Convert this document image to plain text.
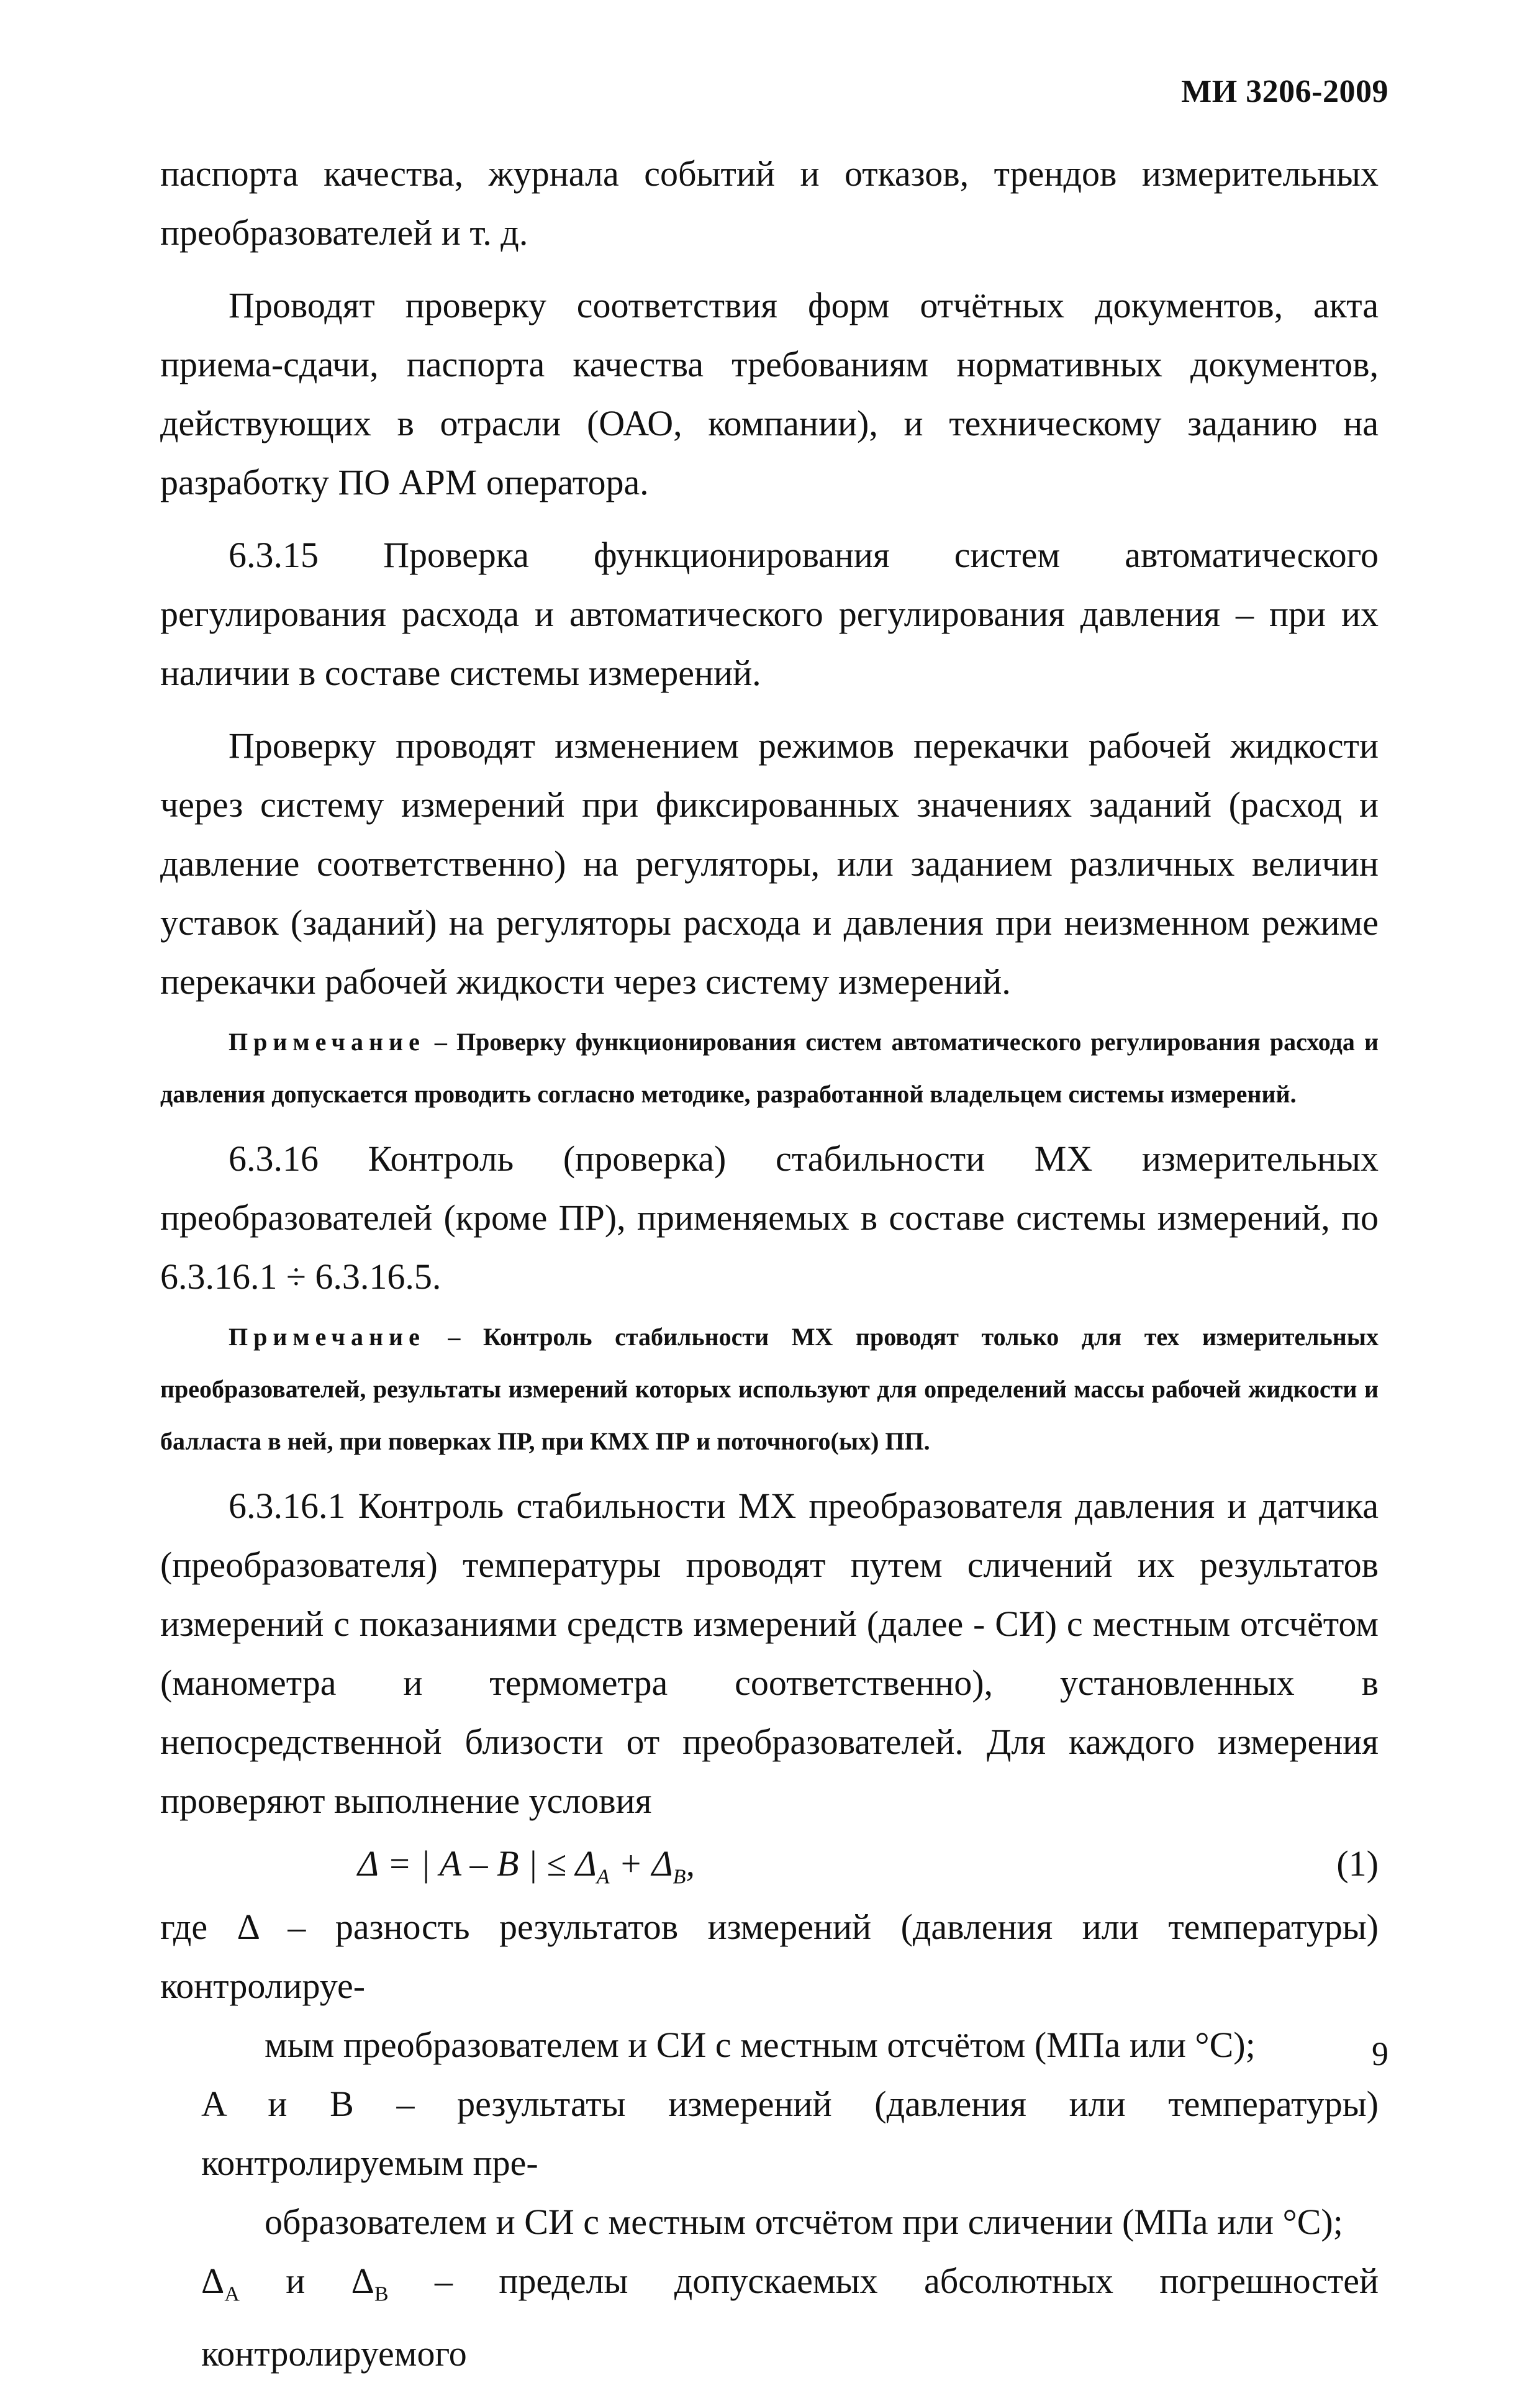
МИ 3206-2009

паспорта качества, журнала событий и отказов, трендов измерительных преобразователей и т. д.

Проводят проверку соответствия форм отчётных документов, акта приема-сдачи, паспорта качества требованиям нормативных документов, действующих в отрасли (ОАО, компании), и техническому заданию на разработку ПО АРМ оператора.

6.3.15 Проверка функционирования систем автоматического регулирования расхода и автоматического регулирования давления – при их наличии в составе системы измерений.

Проверку проводят изменением режимов перекачки рабочей жидкости через систему измерений при фиксированных значениях заданий (расход и давление соответственно) на регуляторы, или заданием различных величин уставок (заданий) на регуляторы расхода и давления при неизменном режиме перекачки рабочей жидкости через систему измерений.

Примечание – Проверку функционирования систем автоматического регулирования расхода и давления допускается проводить согласно методике, разработанной владельцем системы измерений.

6.3.16 Контроль (проверка) стабильности МХ измерительных преобразователей (кроме ПР), применяемых в составе системы измерений, по 6.3.16.1 ÷ 6.3.16.5.

Примечание – Контроль стабильности МХ проводят только для тех измерительных преобразователей, результаты измерений которых используют для определений массы рабочей жидкости и балласта в ней, при поверках ПР, при КМХ ПР и поточного(ых) ПП.

6.3.16.1 Контроль стабильности МХ преобразователя давления и датчика (преобразователя) температуры проводят путем сличений их результатов измерений с показаниями средств измерений (далее - СИ) с местным отсчётом (манометра и термометра соответственно), установленных в непосредственной близости от преобразователей. Для каждого измерения проверяют выполнение условия

Δ = | A – B | ≤ $\Delta_A + \Delta_B$,	(1)

где Δ – разность результатов измерений (давления или температуры) контролируе-

мым преобразователем и СИ с местным отсчётом (МПа или °С);

A и B – результаты измерений (давления или температуры) контролируемым пре-

образователем и СИ с местным отсчётом при сличении (МПа или °С);

$\Delta_A$ и $\Delta_B$ – пределы допускаемых абсолютных погрешностей контролируемого

9
